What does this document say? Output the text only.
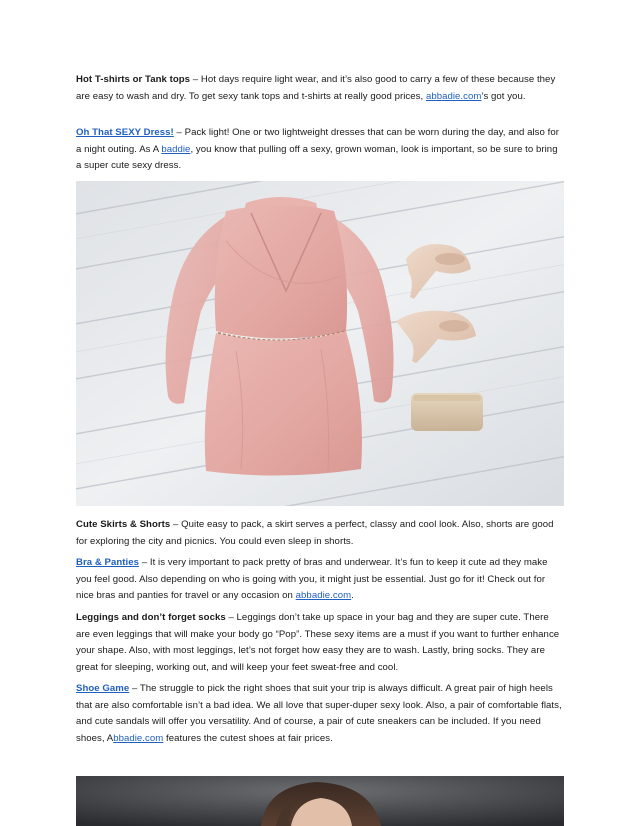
Hot T-shirts or Tank tops – Hot days require light wear, and it’s also good to carry a few of these because they are easy to wash and dry. To get sexy tank tops and t-shirts at really good prices, abbadie.com’s got you.

Oh That SEXY Dress! – Pack light! One or two lightweight dresses that can be worn during the day, and also for a night outing. As A baddie, you know that pulling off a sexy, grown woman, look is important, so be sure to bring a super cute sexy dress.

Cute Skirts & Shorts – Quite easy to pack, a skirt serves a perfect, classy and cool look. Also, shorts are good for exploring the city and picnics. You could even sleep in shorts.

Bra & Panties – It is very important to pack pretty of bras and underwear. It’s fun to keep it cute ad they make you feel good. Also depending on who is going with you, it might just be essential. Just go for it! Check out for nice bras and panties for travel or any occasion on abbadie.com.

Leggings and don’t forget socks – Leggings don’t take up space in your bag and they are super cute. There are even leggings that will make your body go “Pop”. These sexy items are a must if you want to further enhance your shape. Also, with most leggings, let’s not forget how easy they are to wash. Lastly, bring socks. They are great for sleeping, working out, and will keep your feet sweat-free and cool.

Shoe Game – The struggle to pick the right shoes that suit your trip is always difficult. A great pair of high heels that are also comfortable isn’t a bad idea. We all love that super-duper sexy look. Also, a pair of comfortable flats, and cute sandals will offer you versatility. And of course, a pair of cute sneakers can be included. If you need shoes, Abbadie.com features the cutest shoes at fair prices.
